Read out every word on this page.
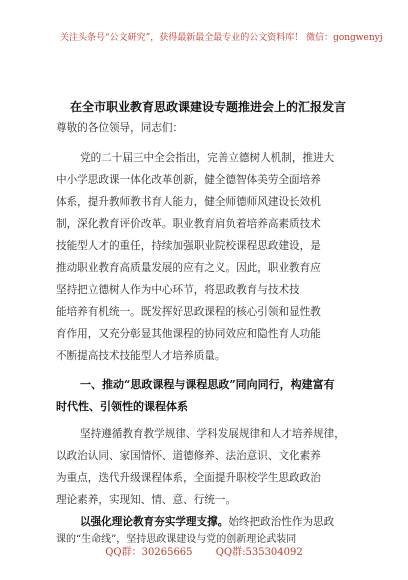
关注头条号“公文研究”，获得最新最全最专业的公文资料库！ 微信：gongwenyj
在全市职业教育思政课建设专题推进会上的汇报发言
尊敬的各位领导，同志们：
党的二十届三中全会指出，完善立德树人机制，推进大
中小学思政课一体化改革创新，健全德智体美劳全面培养
体系，提升教师教书育人能力，健全师德师风建设长效机
制，深化教育评价改革。职业教育肩负着培养高素质技术
技能型人才的重任，持续加强职业院校课程思政建设，是
推动职业教育高质量发展的应有之义。因此，职业教育应
坚持把立德树人作为中心环节，将思政教育与技术技
能培养有机统一。既发挥好思政课程的核心引领和显性教
育作用，又充分彰显其他课程的协同效应和隐性育人功能
不断提高技术技能型人才培养质量。
一、推动“思政课程与课程思政”同向同行，构建富有
时代性、引领性的课程体系
坚持遵循教育教学规律、学科发展规律和人才培养规律，
以政治认同、家国情怀、道德修养、法治意识、文化素养
为重点，迭代升级课程体系，全面提升职校学生思政政治
理论素养，实现知、情、意、行统一。
以强化理论教育夯实学理支撑。始终把政治性作为思政
课的“生命线”，坚持思政课建设与党的创新理论武装同
QQ群：30265665 QQ群:535304092
